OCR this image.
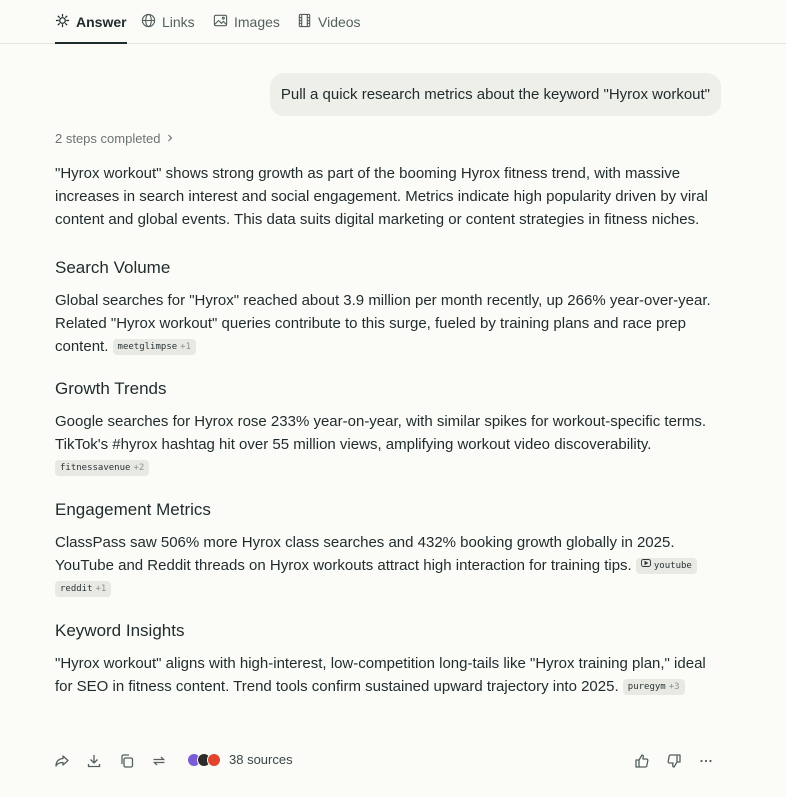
Answer	Links	Images	Videos
Pull a quick research metrics about the keyword "Hyrox workout"
2 steps completed

"Hyrox workout" shows strong growth as part of the booming Hyrox fitness trend, with massive increases in search interest and social engagement. Metrics indicate high popularity driven by viral content and global events. This data suits digital marketing or content strategies in fitness niches.

Search Volume

Global searches for "Hyrox" reached about 3.9 million per month recently, up 266% year-over-year. Related "Hyrox workout" queries contribute to this surge, fueled by training plans and race prep content. meetglimpse +1

Growth Trends

Google searches for Hyrox rose 233% year-on-year, with similar spikes for workout-specific terms. TikTok's #hyrox hashtag hit over 55 million views, amplifying workout video discoverability.
fitnessavenue +2

Engagement Metrics

ClassPass saw 506% more Hyrox class searches and 432% booking growth globally in 2025. YouTube and Reddit threads on Hyrox workouts attract high interaction for training tips. youtube

reddit +1

Keyword Insights

"Hyrox workout" aligns with high-interest, low-competition long-tails like "Hyrox training plan," ideal for SEO in fitness content. Trend tools confirm sustained upward trajectory into 2025. puregym +3

38 sources
